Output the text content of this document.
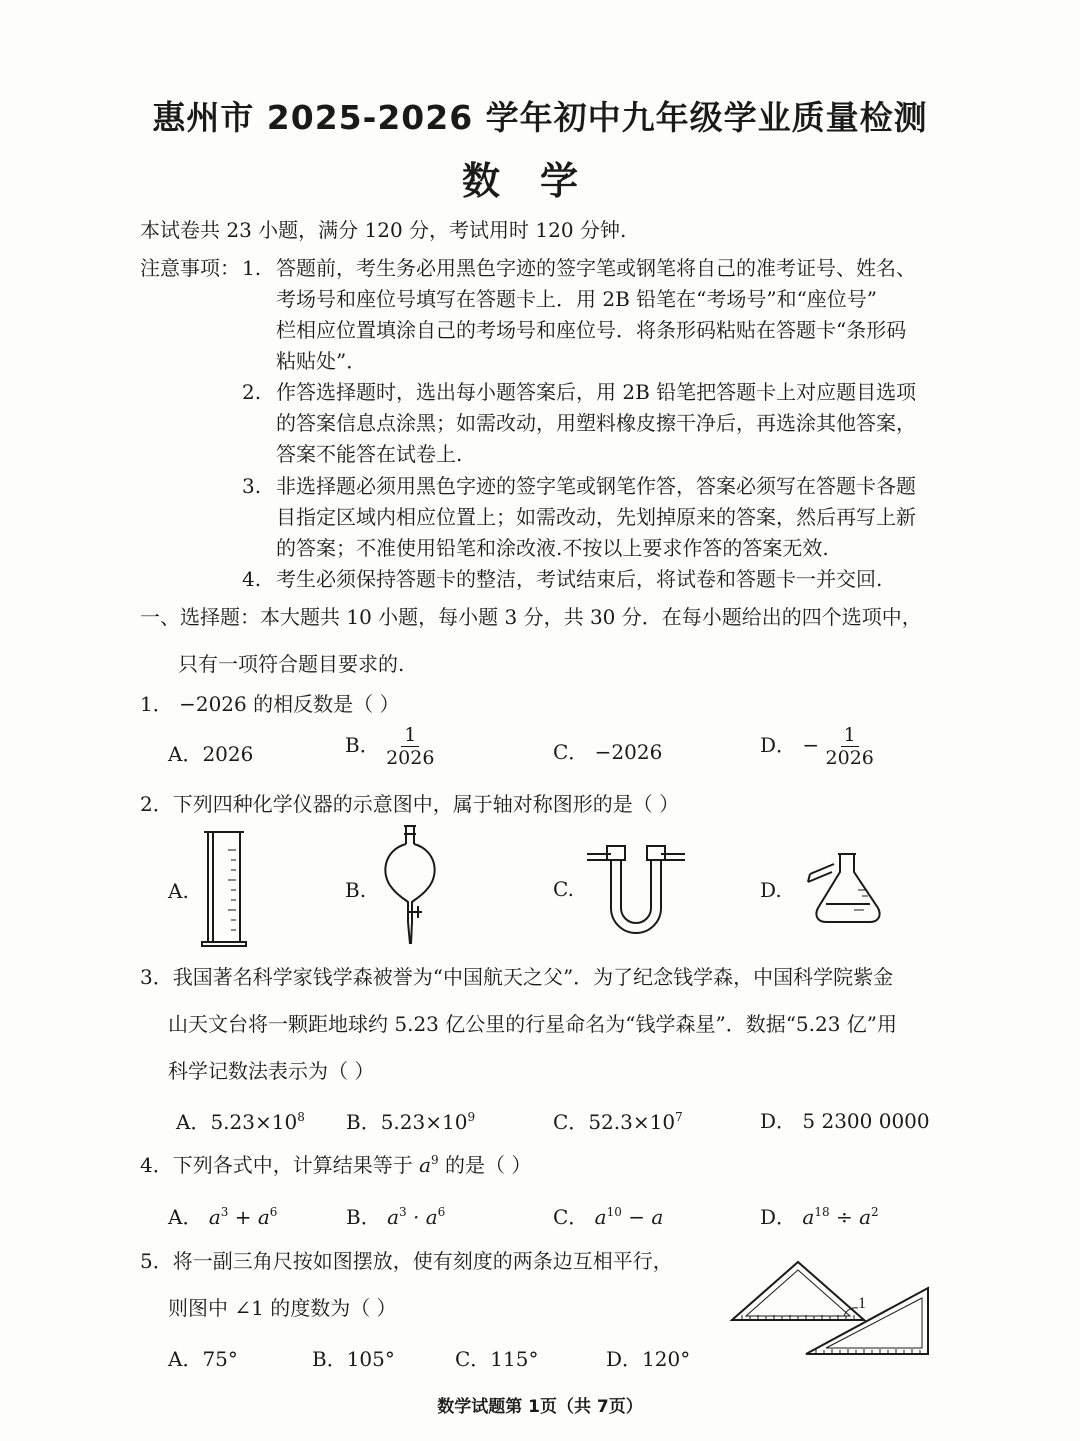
惠州市 2025-2026 学年初中九年级学业质量检测
数学
本试卷共 23 小题，满分 120 分，考试用时 120 分钟.
注意事项： 1. 答题前，考生务必用黑色字迹的签字笔或钢笔将自己的准考证号、姓名、
考场号和座位号填写在答题卡上．用 2B 铅笔在“考场号”和“座位号”
栏相应位置填涂自己的考场号和座位号．将条形码粘贴在答题卡“条形码
粘贴处”．
2. 作答选择题时，选出每小题答案后，用 2B 铅笔把答题卡上对应题目选项
的答案信息点涂黑；如需改动，用塑料橡皮擦干净后，再选涂其他答案，
答案不能答在试卷上.
3. 非选择题必须用黑色字迹的签字笔或钢笔作答，答案必须写在答题卡各题
目指定区域内相应位置上；如需改动，先划掉原来的答案，然后再写上新
的答案；不准使用铅笔和涂改液.不按以上要求作答的答案无效.
4. 考生必须保持答题卡的整洁，考试结束后，将试卷和答题卡一并交回.
一、选择题：本大题共 10 小题，每小题 3 分，共 30 分．在每小题给出的四个选项中，
只有一项符合题目要求的.
1． −2026 的相反数是（ ）
A．2026	B． $\frac{1}{2026}$	C． −2026	D． − $\frac{1}{2026}$
2．下列四种化学仪器的示意图中，属于轴对称图形的是（ ）
A.	B.	C.	D.
3．我国著名科学家钱学森被誉为“中国航天之父”．为了纪念钱学森，中国科学院紫金
山天文台将一颗距地球约 5.23 亿公里的行星命名为“钱学森星”．数据“5.23 亿”用
科学记数法表示为（ ）
A．$5.23\times 10^8$ B．$5.23\times 10^9$	C．$52.3\times 10^7$	D． 5 2300 0000
4．下列各式中，计算结果等于 $a^9$ 的是（ ）
A． $a^3 + a^6$	B． $a^3 \cdot a^6$	C． $a^{10} - a$	D． $a^{18} \div a^2$
5．将一副三角尺按如图摆放，使有刻度的两条边互相平行，
则图中 ∠1 的度数为（ ）
A．75°	B．105°	C．115°	D．120°
1
数学试题第 1页（共 7页）
